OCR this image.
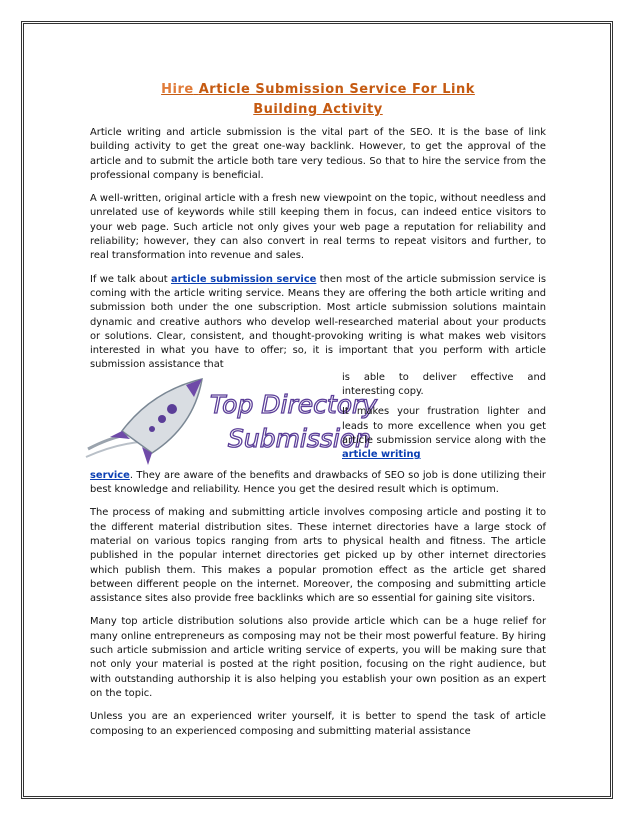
Hire Article Submission Service For Link
Building Activity

Article writing and article submission is the vital part of the SEO. It is the base of link building activity to get the great one-way backlink. However, to get the approval of the article and to submit the article both tare very tedious. So that to hire the service from the professional company is beneficial.

A well-written, original article with a fresh new viewpoint on the topic, without needless and unrelated use of keywords while still keeping them in focus, can indeed entice visitors to your web page. Such article not only gives your web page a reputation for reliability and reliability; however, they can also convert in real terms to repeat visitors and further, to real transformation into revenue and sales.

If we talk about article submission service then most of the article submission service is coming with the article writing service. Means they are offering the both article writing and submission both under the one subscription. Most article submission solutions maintain dynamic and creative authors who develop well-researched material about your products or solutions. Clear, consistent, and thought-provoking writing is what makes web visitors interested in what you have to offer; so, it is important that you perform with article submission assistance that

Top Directory
Submission

is able to deliver effective and interesting copy.

It makes your frustration lighter and leads to more excellence when you get article submission service along with the article writing

service. They are aware of the benefits and drawbacks of SEO so job is done utilizing their best knowledge and reliability. Hence you get the desired result which is optimum.

The process of making and submitting article involves composing article and posting it to the different material distribution sites. These internet directories have a large stock of material on various topics ranging from arts to physical health and fitness. The article published in the popular internet directories get picked up by other internet directories which publish them. This makes a popular promotion effect as the article get shared between different people on the internet. Moreover, the composing and submitting article assistance sites also provide free backlinks which are so essential for gaining site visitors.

Many top article distribution solutions also provide article which can be a huge relief for many online entrepreneurs as composing may not be their most powerful feature. By hiring such article submission and article writing service of experts, you will be making sure that not only your material is posted at the right position, focusing on the right audience, but with outstanding authorship it is also helping you establish your own position as an expert on the topic.

Unless you are an experienced writer yourself, it is better to spend the task of article composing to an experienced composing and submitting material assistance
